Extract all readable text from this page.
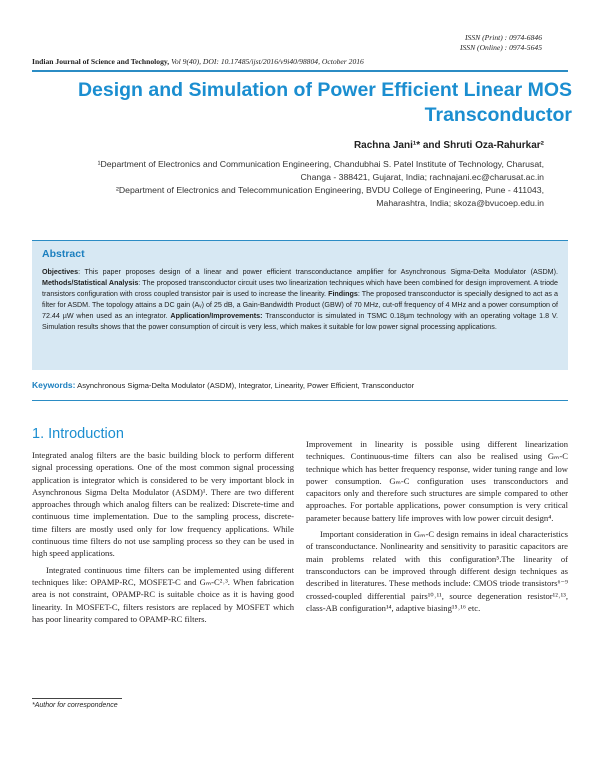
ISSN (Print) : 0974-6846
ISSN (Online) : 0974-5645
Indian Journal of Science and Technology, Vol 9(40), DOI: 10.17485/ijst/2016/v9i40/98804, October 2016
Design and Simulation of Power Efficient Linear MOS Transconductor
Rachna Jani¹* and Shruti Oza-Rahurkar²
¹Department of Electronics and Communication Engineering, Chandubhai S. Patel Institute of Technology, Charusat, Changa - 388421, Gujarat, India; rachnajani.ec@charusat.ac.in
²Department of Electronics and Telecommunication Engineering, BVDU College of Engineering, Pune - 411043, Maharashtra, India; skoza@bvucoep.edu.in
Abstract
Objectives: This paper proposes design of a linear and power efficient transconductance amplifier for Asynchronous Sigma-Delta Modulator (ASDM). Methods/Statistical Analysis: The proposed transconductor circuit uses two linearization techniques which have been combined for design improvement. A triode transistors configuration with cross coupled transistor pair is used to increase the linearity. Findings: The proposed transconductor is specially designed to act as a filter for ASDM. The topology attains a DC gain (Aᵥ) of 25 dB, a Gain-Bandwidth Product (GBW) of 70 MHz, cut-off frequency of 4 MHz and a power consumption of 72.44 µW when used as an integrator. Application/Improvements: Transconductor is simulated in TSMC 0.18µm technology with an operating voltage 1.8 V. Simulation results shows that the power consumption of circuit is very less, which makes it suitable for low power signal processing applications.
Keywords: Asynchronous Sigma-Delta Modulator (ASDM), Integrator, Linearity, Power Efficient, Transconductor
1. Introduction

Integrated analog filters are the basic building block to perform different signal processing operations. One of the most common signal processing application is integrator which is considered to be very important block in Asynchronous Sigma Delta Modulator (ASDM)¹. There are two different approaches through which analog filters can be realized: Discrete-time and continuous time implementation. Due to the sampling process, discrete-time filters are mostly used only for low frequency applications. While continuous time filters do not use sampling process so they can be used in high speed applications.

Integrated continuous time filters can be implemented using different techniques like: OPAMP-RC, MOSFET-C and Gₘ-C²˒³. When fabrication area is not constraint, OPAMP-RC is suitable choice as it is having good linearity. In MOSFET-C, filters resistors are replaced by MOSFET which has poor linearity compared to OPAMP-RC filters.

Improvement in linearity is possible using different linearization techniques. Continuous-time filters can also be realised using Gₘ-C technique which has better frequency response, wider tuning range and low power consumption. Gₘ-C configuration uses transconductors and capacitors only and therefore such structures are simple compared to other approaches. For portable applications, power consumption is very critical parameter because battery life improves with low power circuit design⁴.

Important consideration in Gₘ-C design remains in ideal characteristics of transconductance. Nonlinearity and sensitivity to parasitic capacitors are main problems related with this configuration⁵.The linearity of transconductors can be improved through different design techniques as described in literatures. These methods include: CMOS triode transistors⁶⁻⁹ crossed-coupled differential pairs¹⁰˒¹¹, source degeneration resistor¹²˒¹³, class-AB configuration¹⁴, adaptive biasing¹⁵˒¹⁶ etc.

*Author for correspondence
